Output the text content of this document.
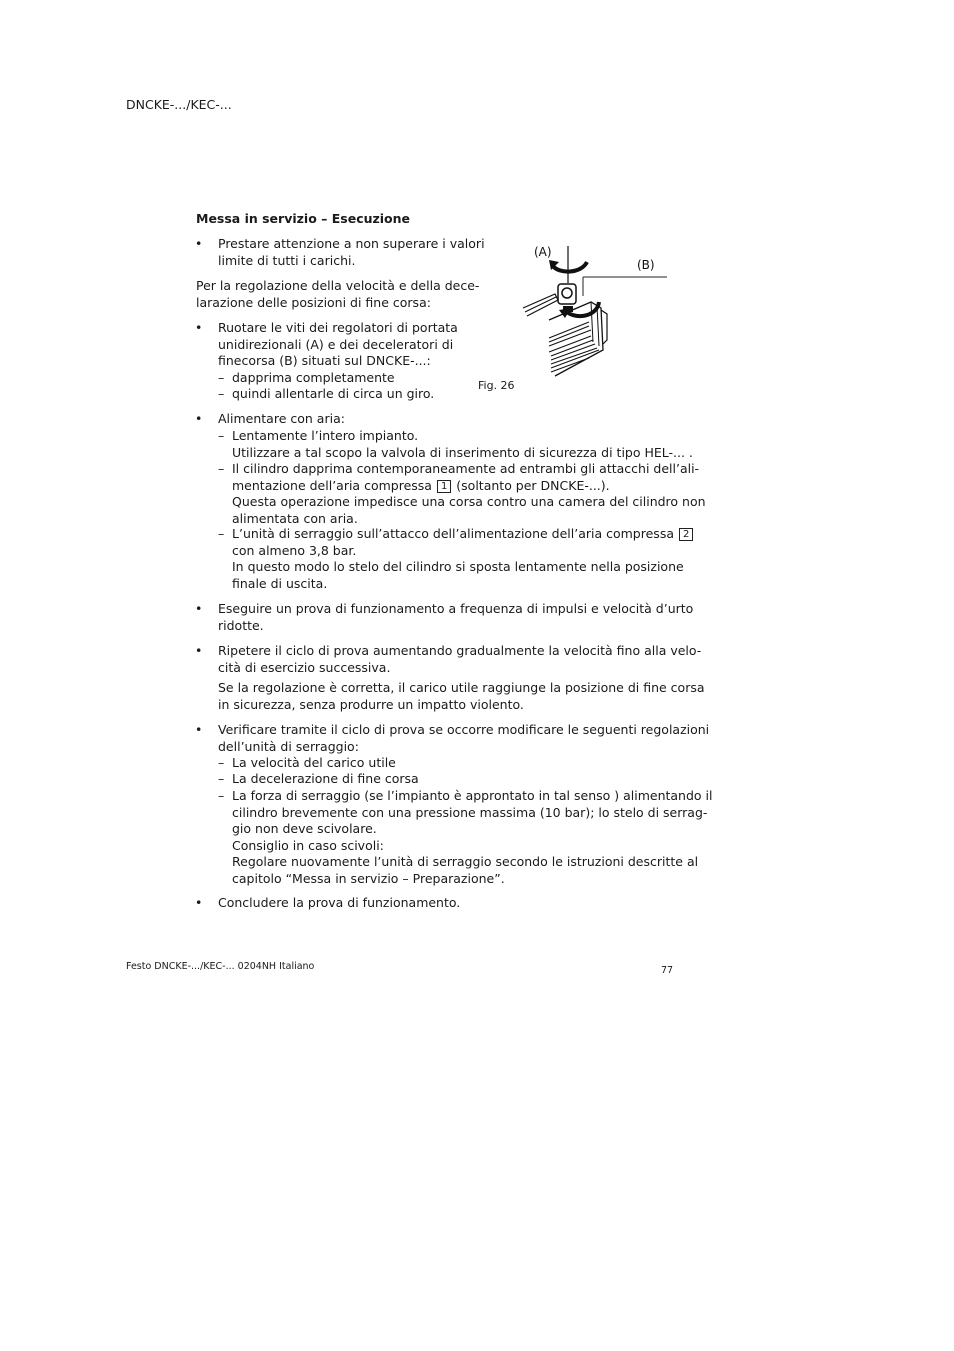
DNCKE-.../KEC-...
Messa in servizio – Esecuzione
• Prestare attenzione a non superare i valori
limite di tutti i carichi.
Per la regolazione della velocità e della dece-
larazione delle posizioni di fine corsa:
• Ruotare le viti dei regolatori di portata
unidirezionali (A) e dei deceleratori di
finecorsa (B) situati sul DNCKE-...:
– dapprima completamente
– quindi allentarle di circa un giro.
(A)
(B)
Fig. 26
• Alimentare con aria:
– Lentamente l’intero impianto.
Utilizzare a tal scopo la valvola di inserimento di sicurezza di tipo HEL-... .
– Il cilindro dapprima contemporaneamente ad entrambi gli attacchi dell’ali-
mentazione dell’aria compressa 1 (soltanto per DNCKE-...).
Questa operazione impedisce una corsa contro una camera del cilindro non
alimentata con aria.
– L’unità di serraggio sull’attacco dell’alimentazione dell’aria compressa 2
con almeno 3,8 bar.
In questo modo lo stelo del cilindro si sposta lentamente nella posizione
finale di uscita.
• Eseguire un prova di funzionamento a frequenza di impulsi e velocità d’urto
ridotte.
• Ripetere il ciclo di prova aumentando gradualmente la velocità fino alla velo-
cità di esercizio successiva.
Se la regolazione è corretta, il carico utile raggiunge la posizione di fine corsa
in sicurezza, senza produrre un impatto violento.
• Verificare tramite il ciclo di prova se occorre modificare le seguenti regolazioni
dell’unità di serraggio:
– La velocità del carico utile
– La decelerazione di fine corsa
– La forza di serraggio (se l’impianto è approntato in tal senso ) alimentando il
cilindro brevemente con una pressione massima (10 bar); lo stelo di serrag-
gio non deve scivolare.
Consiglio in caso scivoli:
Regolare nuovamente l’unità di serraggio secondo le istruzioni descritte al
capitolo “Messa in servizio – Preparazione”.
• Concludere la prova di funzionamento.
Festo DNCKE-.../KEC-... 0204NH Italiano	77
